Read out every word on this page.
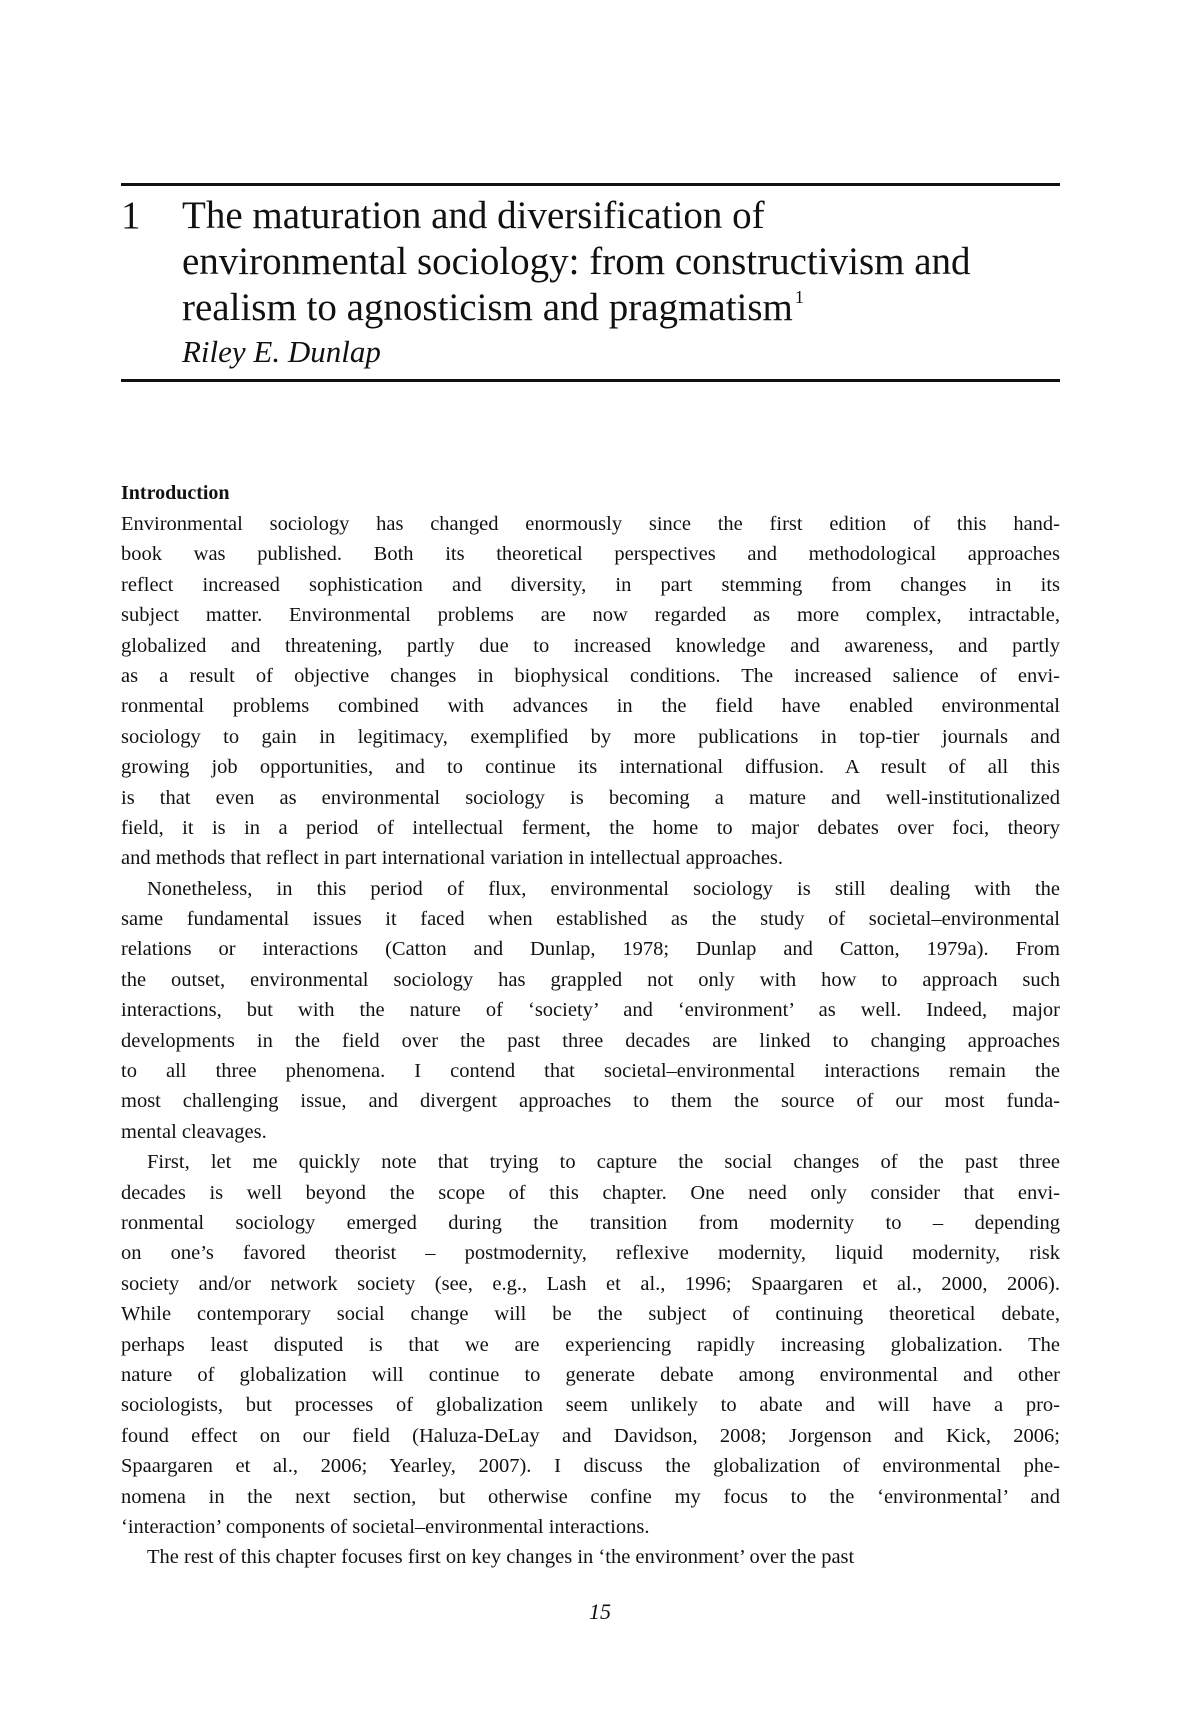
1 The maturation and diversification of
environmental sociology: from constructivism and
realism to agnosticism and pragmatism $^1$
Riley E. Dunlap
Introduction

Environmental sociology has changed enormously since the first edition of this hand-
book was published. Both its theoretical perspectives and methodological approaches
reflect increased sophistication and diversity, in part stemming from changes in its
subject matter. Environmental problems are now regarded as more complex, intractable,
globalized and threatening, partly due to increased knowledge and awareness, and partly
as a result of objective changes in biophysical conditions. The increased salience of envi-
ronmental problems combined with advances in the field have enabled environmental
sociology to gain in legitimacy, exemplified by more publications in top-tier journals and
growing job opportunities, and to continue its international diffusion. A result of all this
is that even as environmental sociology is becoming a mature and well-institutionalized
field, it is in a period of intellectual ferment, the home to major debates over foci, theory
and methods that reflect in part international variation in intellectual approaches.

Nonetheless, in this period of flux, environmental sociology is still dealing with the
same fundamental issues it faced when established as the study of societal–environmental
relations or interactions (Catton and Dunlap, 1978; Dunlap and Catton, 1979a). From
the outset, environmental sociology has grappled not only with how to approach such
interactions, but with the nature of ‘society’ and ‘environment’ as well. Indeed, major
developments in the field over the past three decades are linked to changing approaches
to all three phenomena. I contend that societal–environmental interactions remain the
most challenging issue, and divergent approaches to them the source of our most funda-
mental cleavages.

First, let me quickly note that trying to capture the social changes of the past three
decades is well beyond the scope of this chapter. One need only consider that envi-
ronmental sociology emerged during the transition from modernity to – depending
on one’s favored theorist – postmodernity, reflexive modernity, liquid modernity, risk
society and/or network society (see, e.g., Lash et al., 1996; Spaargaren et al., 2000, 2006).
While contemporary social change will be the subject of continuing theoretical debate,
perhaps least disputed is that we are experiencing rapidly increasing globalization. The
nature of globalization will continue to generate debate among environmental and other
sociologists, but processes of globalization seem unlikely to abate and will have a pro-
found effect on our field (Haluza-DeLay and Davidson, 2008; Jorgenson and Kick, 2006;
Spaargaren et al., 2006; Yearley, 2007). I discuss the globalization of environmental phe-
nomena in the next section, but otherwise confine my focus to the ‘environmental’ and
‘interaction’ components of societal–environmental interactions.

The rest of this chapter focuses first on key changes in ‘the environment’ over the past

15
